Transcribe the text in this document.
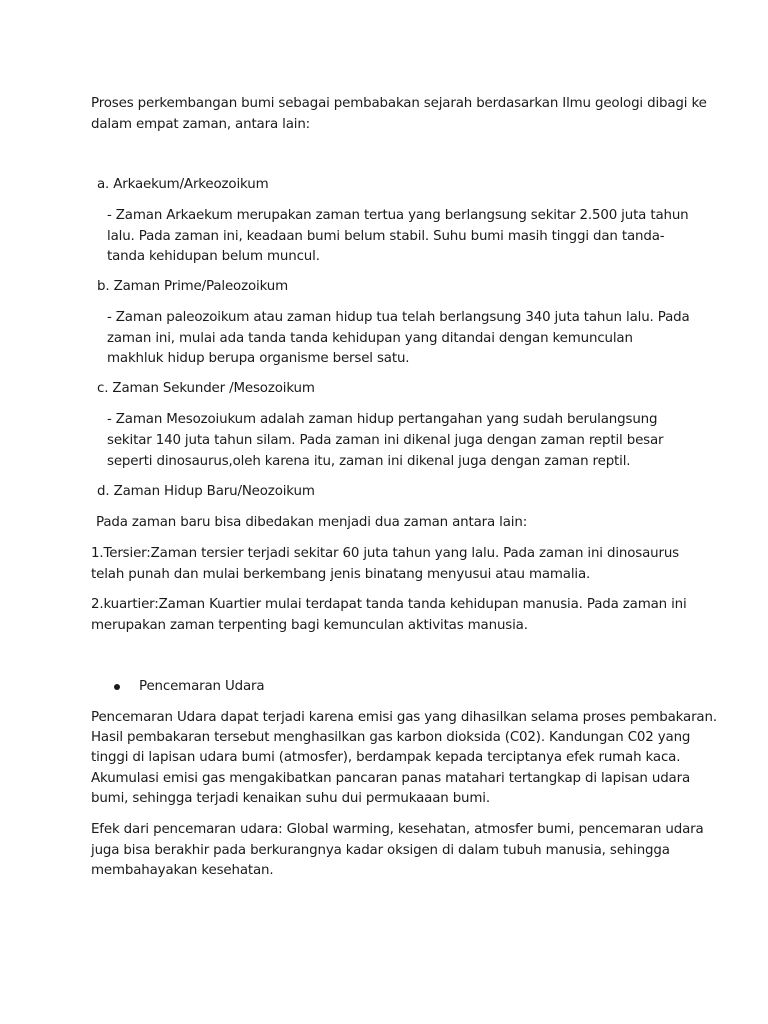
Proses perkembangan bumi sebagai pembabakan sejarah berdasarkan Ilmu geologi dibagi ke
dalam empat zaman, antara lain:
a. Arkaekum/Arkeozoikum
- Zaman Arkaekum merupakan zaman tertua yang berlangsung sekitar 2.500 juta tahun
lalu. Pada zaman ini, keadaan bumi belum stabil. Suhu bumi masih tinggi dan tanda-
tanda kehidupan belum muncul.
b. Zaman Prime/Paleozoikum
- Zaman paleozoikum atau zaman hidup tua telah berlangsung 340 juta tahun lalu. Pada
zaman ini, mulai ada tanda tanda kehidupan yang ditandai dengan kemunculan
makhluk hidup berupa organisme bersel satu.
c. Zaman Sekunder /Mesozoikum
- Zaman Mesozoiukum adalah zaman hidup pertangahan yang sudah berulangsung
sekitar 140 juta tahun silam. Pada zaman ini dikenal juga dengan zaman reptil besar
seperti dinosaurus,oleh karena itu, zaman ini dikenal juga dengan zaman reptil.
d. Zaman Hidup Baru/Neozoikum
Pada zaman baru bisa dibedakan menjadi dua zaman antara lain:
1.Tersier:Zaman tersier terjadi sekitar 60 juta tahun yang lalu. Pada zaman ini dinosaurus
telah punah dan mulai berkembang jenis binatang menyusui atau mamalia.
2.kuartier:Zaman Kuartier mulai terdapat tanda tanda kehidupan manusia. Pada zaman ini
merupakan zaman terpenting bagi kemunculan aktivitas manusia.
Pencemaran Udara
Pencemaran Udara dapat terjadi karena emisi gas yang dihasilkan selama proses pembakaran.
Hasil pembakaran tersebut menghasilkan gas karbon dioksida (C02). Kandungan C02 yang
tinggi di lapisan udara bumi (atmosfer), berdampak kepada terciptanya efek rumah kaca.
Akumulasi emisi gas mengakibatkan pancaran panas matahari tertangkap di lapisan udara
bumi, sehingga terjadi kenaikan suhu dui permukaaan bumi.
Efek dari pencemaran udara: Global warming, kesehatan, atmosfer bumi, pencemaran udara
juga bisa berakhir pada berkurangnya kadar oksigen di dalam tubuh manusia, sehingga
membahayakan kesehatan.
